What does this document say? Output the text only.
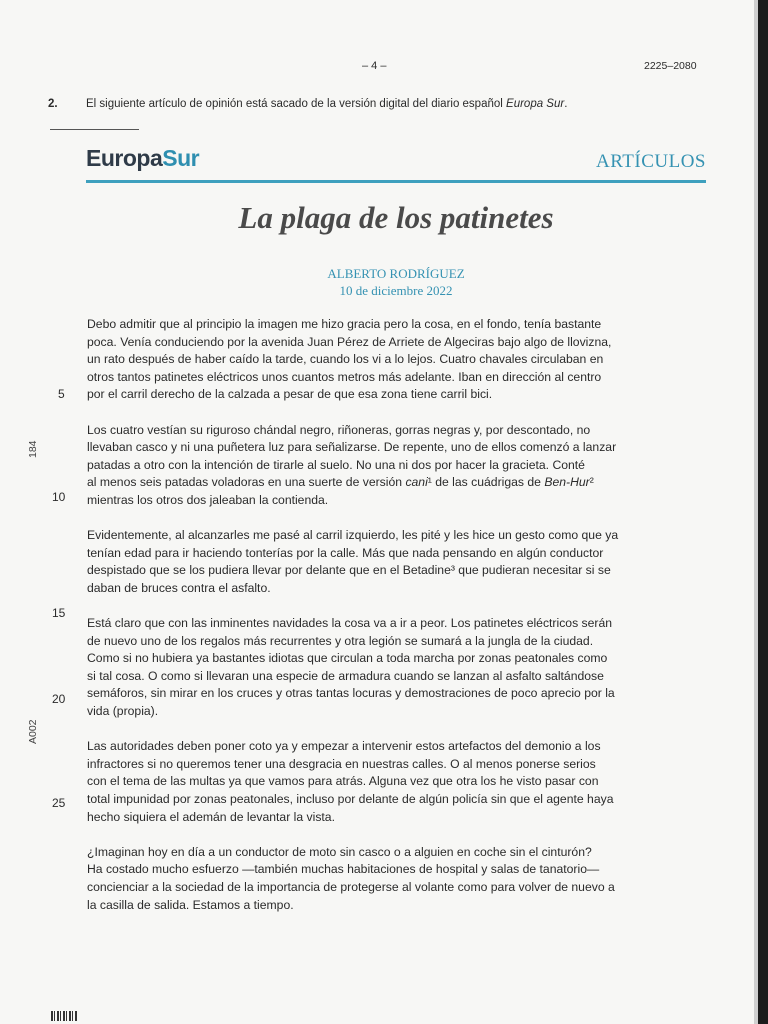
– 4 –	2225–2080
2. El siguiente artículo de opinión está sacado de la versión digital del diario español Europa Sur.
EuropaSur	ARTÍCULOS
La plaga de los patinetes
ALBERTO RODRÍGUEZ
10 de diciembre 2022
Debo admitir que al principio la imagen me hizo gracia pero la cosa, en el fondo, tenía bastante
poca. Venía conduciendo por la avenida Juan Pérez de Arriete de Algeciras bajo algo de llovizna,
un rato después de haber caído la tarde, cuando los vi a lo lejos. Cuatro chavales circulaban en
otros tantos patinetes eléctricos unos cuantos metros más adelante. Iban en dirección al centro
por el carril derecho de la calzada a pesar de que esa zona tiene carril bici.
Los cuatro vestían su riguroso chándal negro, riñoneras, gorras negras y, por descontado, no
llevaban casco y ni una puñetera luz para señalizarse. De repente, uno de ellos comenzó a lanzar
patadas a otro con la intención de tirarle al suelo. No una ni dos por hacer la gracieta. Conté
al menos seis patadas voladoras en una suerte de versión cani¹ de las cuádrigas de Ben-Hur²
mientras los otros dos jaleaban la contienda.
Evidentemente, al alcanzarles me pasé al carril izquierdo, les pité y les hice un gesto como que ya
tenían edad para ir haciendo tonterías por la calle. Más que nada pensando en algún conductor
despistado que se los pudiera llevar por delante que en el Betadine³ que pudieran necesitar si se
daban de bruces contra el asfalto.
Está claro que con las inminentes navidades la cosa va a ir a peor. Los patinetes eléctricos serán
de nuevo uno de los regalos más recurrentes y otra legión se sumará a la jungla de la ciudad.
Como si no hubiera ya bastantes idiotas que circulan a toda marcha por zonas peatonales como
si tal cosa. O como si llevaran una especie de armadura cuando se lanzan al asfalto saltándose
semáforos, sin mirar en los cruces y otras tantas locuras y demostraciones de poco aprecio por la
vida (propia).
Las autoridades deben poner coto ya y empezar a intervenir estos artefactos del demonio a los
infractores si no queremos tener una desgracia en nuestras calles. O al menos ponerse serios
con el tema de las multas ya que vamos para atrás. Alguna vez que otra los he visto pasar con
total impunidad por zonas peatonales, incluso por delante de algún policía sin que el agente haya
hecho siquiera el ademán de levantar la vista.
¿Imaginan hoy en día a un conductor de moto sin casco o a alguien en coche sin el cinturón?
Ha costado mucho esfuerzo —también muchas habitaciones de hospital y salas de tanatorio—
concienciar a la sociedad de la importancia de protegerse al volante como para volver de nuevo a
la casilla de salida. Estamos a tiempo.
5
10
15
20
25
184
A002
